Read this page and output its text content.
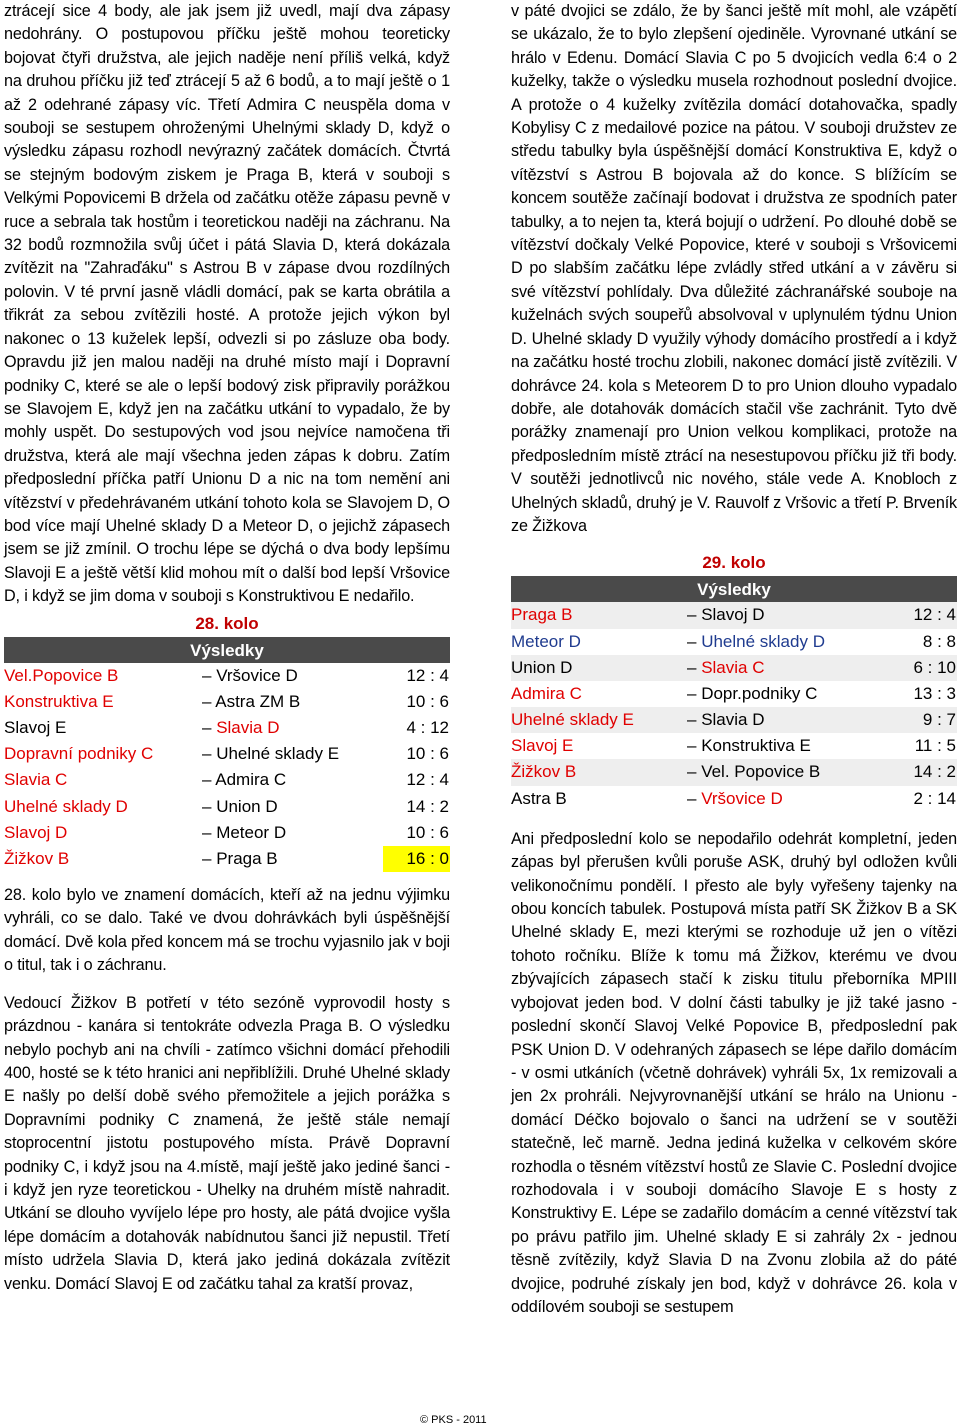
ztrácejí sice 4 body, ale jak jsem již uvedl, mají dva zápasy nedohrány. O postupovou příčku ještě mohou teoreticky bojovat čtyři družstva, ale jejich naděje není příliš velká, když na druhou příčku již teď ztrácejí 5 až 6 bodů, a to mají ještě o 1 až 2 odehrané zápasy víc. Třetí Admira C neuspěla doma v souboji se sestupem ohroženými Uhelnými sklady D, když o výsledku zápasu rozhodl nevýrazný začátek domácích. Čtvrtá se stejným bodovým ziskem je Praga B, která v souboji s Velkými Popovicemi B držela od začátku otěže zápasu pevně v ruce a sebrala tak hostům i teoretickou naději na záchranu. Na 32 bodů rozmnožila svůj účet i pátá Slavia D, která dokázala zvítězit na "Zahraďáku" s Astrou B v zápase dvou rozdílných polovin. V té první jasně vládli domácí, pak se karta obrátila a třikrát za sebou zvítězili hosté. A protože jejich výkon byl nakonec o 13 kuželek lepší, odvezli si po zásluze oba body. Opravdu již jen malou naději na druhé místo mají i Dopravní podniky C, které se ale o lepší bodový zisk připravily porážkou se Slavojem E, když jen na začátku utkání to vypadalo, že by mohly uspět. Do sestupových vod jsou nejvíce namočena tři družstva, která ale mají všechna jeden zápas k dobru. Zatím předposlední příčka patří Unionu D a nic na tom nemění ani vítězství v předehrávaném utkání tohoto kola se Slavojem D, O bod více mají Uhelné sklady D a Meteor D, o jejichž zápasech jsem se již zmínil. O trochu lépe se dýchá o dva body lepšímu Slavoji E a ještě větší klid mohou mít o další bod lepší Vršovice D, i když se jim doma v souboji s Konstruktivou E nedařilo.

28. kolo
Výsledky
Vel.Popovice B	– Vršovice D	12 : 4
Konstruktiva E	– Astra ZM B	10 : 6
Slavoj E	– Slavia D	4 : 12
Dopravní podniky C	– Uhelné sklady E	10 : 6
Slavia C	– Admira C	12 : 4
Uhelné sklady D	– Union D	14 : 2
Slavoj D	– Meteor D	10 : 6
Žižkov B	– Praga B	16 : 0

28. kolo bylo ve znamení domácích, kteří až na jednu výjimku vyhráli, co se dalo. Také ve dvou dohrávkách byli úspěšnější domácí. Dvě kola před koncem má se trochu vyjasnilo jak v boji o titul, tak i o záchranu.

Vedoucí Žižkov B potřetí v této sezóně vyprovodil hosty s prázdnou - kanára si tentokráte odvezla Praga B. O výsledku nebylo pochyb ani na chvíli - zatímco všichni domácí přehodili 400, hosté se k této hranici ani nepřiblížili. Druhé Uhelné sklady E našly po delší době svého přemožitele a jejich porážka s Dopravními podniky C znamená, že ještě stále nemají stoprocentní jistotu postupového místa. Právě Dopravní podniky C, i když jsou na 4.místě, mají ještě jako jediné šanci - i když jen ryze teoretickou - Uhelky na druhém místě nahradit. Utkání se dlouho vyvíjelo lépe pro hosty, ale pátá dvojice vyšla lépe domácím a dotahovák nabídnutou šanci již nepustil. Třetí místo udržela Slavia D, která jako jediná dokázala zvítězit venku. Domácí Slavoj E od začátku tahal za kratší provaz,

v páté dvojici se zdálo, že by šanci ještě mít mohl, ale vzápětí se ukázalo, že to bylo zlepšení ojediněle. Vyrovnané utkání se hrálo v Edenu. Domácí Slavia C po 5 dvojicích vedla 6:4 o 2 kuželky, takže o výsledku musela rozhodnout poslední dvojice. A protože o 4 kuželky zvítězila domácí dotahovačka, spadly Kobylisy C z medailové pozice na pátou. V souboji družstev ze středu tabulky byla úspěšnější domácí Konstruktiva E, když o vítězství s Astrou B bojovala až do konce. S blížícím se koncem soutěže začínají bodovat i družstva ze spodních pater tabulky, a to nejen ta, která bojují o udržení. Po dlouhé době se vítězství dočkaly Velké Popovice, které v souboji s Vršovicemi D po slabším začátku lépe zvládly střed utkání a v závěru si své vítězství pohlídaly. Dva důležité záchranářské souboje na kuželnách svých soupeřů absolvoval v uplynulém týdnu Union D. Uhelné sklady D využily výhody domácího prostředí a i když na začátku hosté trochu zlobili, nakonec domácí jistě zvítězili. V dohrávce 24. kola s Meteorem D to pro Union dlouho vypadalo dobře, ale dotahovák domácích stačil vše zachránit. Tyto dvě porážky znamenají pro Union velkou komplikaci, protože na předposledním místě ztrácí na nesestupovou příčku již tři body. V soutěži jednotlivců nic nového, stále vede A. Knobloch z Uhelných skladů, druhý je V. Rauvolf z Vršovic a třetí P. Brveník ze Žižkova

29. kolo
Výsledky
Praga B	– Slavoj D	12 : 4
Meteor D	– Uhelné sklady D	8 : 8
Union D	– Slavia C	6 : 10
Admira C	– Dopr.podniky C	13 : 3
Uhelné sklady E	– Slavia D	9 : 7
Slavoj E	– Konstruktiva E	11 : 5
Žižkov B	– Vel. Popovice B	14 : 2
Astra B	– Vršovice D	2 : 14

Ani předposlední kolo se nepodařilo odehrát kompletní, jeden zápas byl přerušen kvůli poruše ASK, druhý byl odložen kvůli velikonočnímu pondělí. I přesto ale byly vyřešeny tajenky na obou koncích tabulek. Postupová místa patří SK Žižkov B a SK Uhelné sklady E, mezi kterými se rozhoduje už jen o vítězi tohoto ročníku. Blíže k tomu má Žižkov, kterému ve dvou zbývajících zápasech stačí k zisku titulu přeborníka MPIII vybojovat jeden bod. V dolní části tabulky je již také jasno - poslední skončí Slavoj Velké Popovice B, předposlední pak PSK Union D. V odehraných zápasech se lépe dařilo domácím - v osmi utkáních (včetně dohrávek) vyhráli 5x, 1x remizovali a jen 2x prohráli. Nejvyrovnanější utkání se hrálo na Unionu - domácí Déčko bojovalo o šanci na udržení se v soutěži statečně, leč marně. Jedna jediná kuželka v celkovém skóre rozhodla o těsném vítězství hostů ze Slavie C. Poslední dvojice rozhodovala i v souboji domácího Slavoje E s hosty z Konstruktivy E. Lépe se zadařilo domácím a cenné vítězství tak po právu patřilo jim. Uhelné sklady E si zahrály 2x - jednou těsně zvítězily, když Slavia D na Zvonu zlobila až do páté dvojice, podruhé získaly jen bod, když v dohrávce 26. kola v oddílovém souboji se sestupem

© PKS - 2011
